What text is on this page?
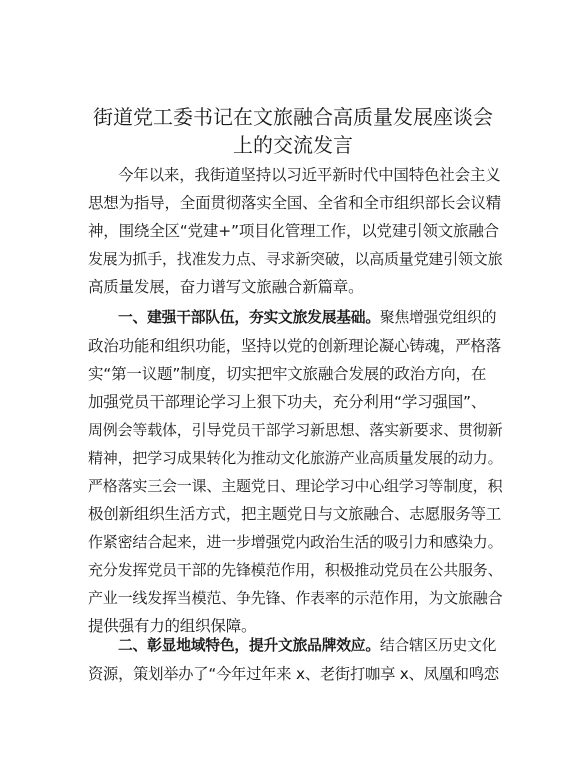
街道党工委书记在文旅融合高质量发展座谈会
上的交流发言
今年以来，我街道坚持以习近平新时代中国特色社会主义
思想为指导，全面贯彻落实全国、全省和全市组织部长会议精
神，围绕全区“党建+”项目化管理工作，以党建引领文旅融合
发展为抓手，找准发力点、寻求新突破，以高质量党建引领文旅
高质量发展，奋力谱写文旅融合新篇章。
一、建强干部队伍，夯实文旅发展基础。聚焦增强党组织的
政治功能和组织功能，坚持以党的创新理论凝心铸魂，严格落
实“第一议题”制度，切实把牢文旅融合发展的政治方向，在
加强党员干部理论学习上狠下功夫，充分利用“学习强国”、
周例会等载体，引导党员干部学习新思想、落实新要求、贯彻新
精神，把学习成果转化为推动文化旅游产业高质量发展的动力。
严格落实三会一课、主题党日、理论学习中心组学习等制度，积
极创新组织生活方式，把主题党日与文旅融合、志愿服务等工
作紧密结合起来，进一步增强党内政治生活的吸引力和感染力。
充分发挥党员干部的先锋模范作用，积极推动党员在公共服务、
产业一线发挥当模范、争先锋、作表率的示范作用，为文旅融合
提供强有力的组织保障。
二、彰显地域特色，提升文旅品牌效应。结合辖区历史文化
资源，策划举办了“今年过年来 x、老街打咖享 x、凤凰和鸣恋
